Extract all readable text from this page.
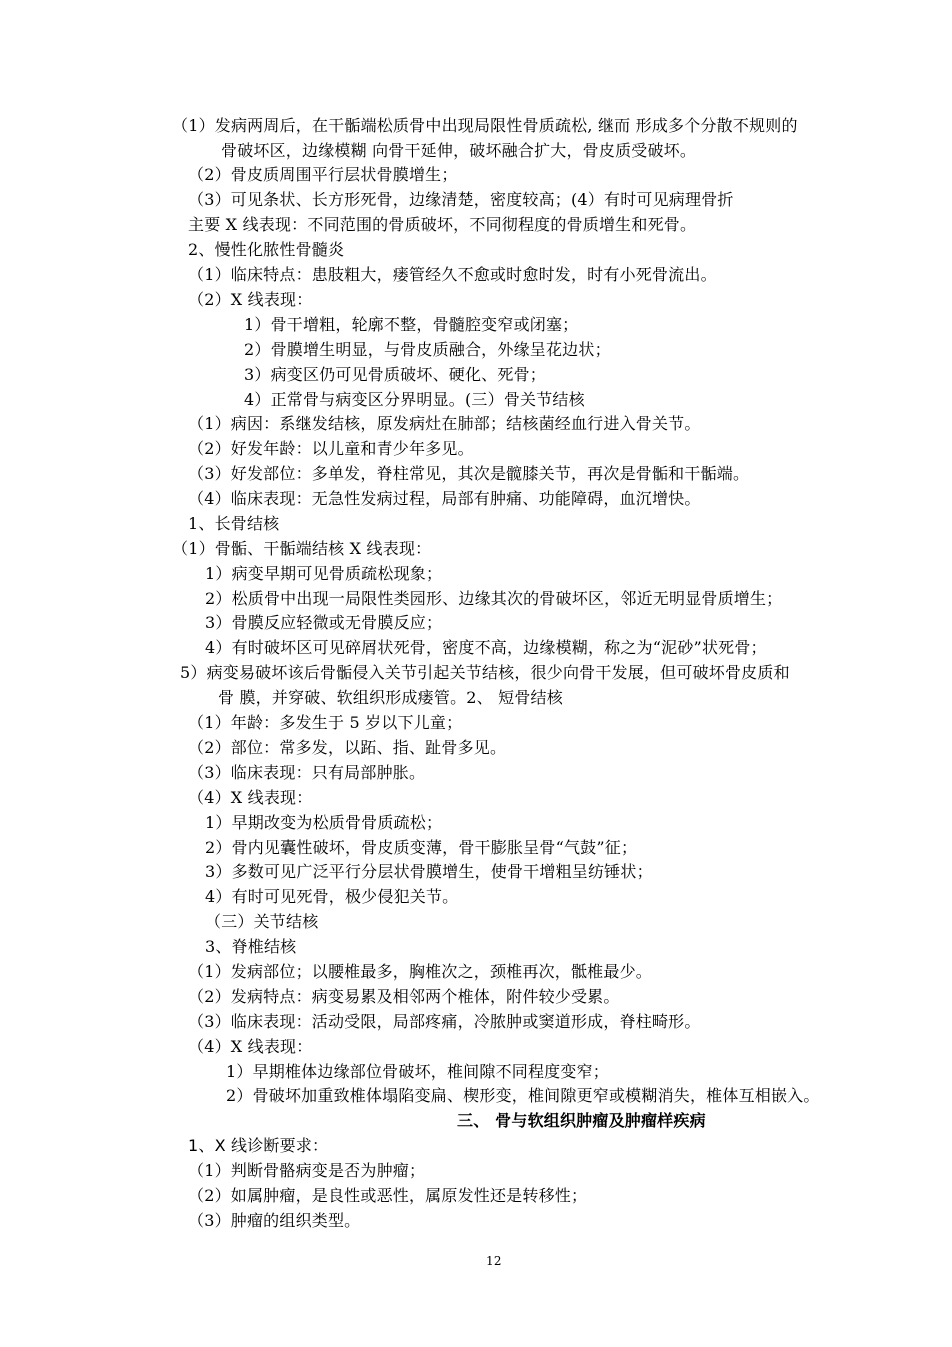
（1）发病两周后，在干骺端松质骨中出现局限性骨质疏松, 继而 形成多个分散不规则的
骨破坏区，边缘模糊 向骨干延伸，破坏融合扩大，骨皮质受破坏。
（2）骨皮质周围平行层状骨膜增生；
（3）可见条状、长方形死骨，边缘清楚，密度较高；(4）有时可见病理骨折
主要 X 线表现：不同范围的骨质破坏，不同彻程度的骨质增生和死骨。
2、慢性化脓性骨髓炎
（1）临床特点：患肢粗大，瘘管经久不愈或时愈时发，时有小死骨流出。
（2）X 线表现：
1）骨干增粗，轮廓不整，骨髓腔变窄或闭塞；
2）骨膜增生明显，与骨皮质融合，外缘呈花边状；
3）病变区仍可见骨质破坏、硬化、死骨；
4）正常骨与病变区分界明显。(三）骨关节结核
（1）病因：系继发结核，原发病灶在肺部；结核菌经血行进入骨关节。
（2）好发年龄：以儿童和青少年多见。
（3）好发部位：多单发，脊柱常见，其次是髋膝关节，再次是骨骺和干骺端。
（4）临床表现：无急性发病过程，局部有肿痛、功能障碍，血沉增快。
1、长骨结核
（1）骨骺、干骺端结核 X 线表现：
1）病变早期可见骨质疏松现象；
2）松质骨中出现一局限性类园形、边缘其次的骨破坏区，邻近无明显骨质增生；
3）骨膜反应轻微或无骨膜反应；
4）有时破坏区可见碎屑状死骨，密度不高，边缘模糊，称之为“泥砂”状死骨；
5）病变易破坏该后骨骺侵入关节引起关节结核，很少向骨干发展，但可破坏骨皮质和
骨 膜，并穿破、软组织形成瘘管。2、 短骨结核
（1）年龄：多发生于 5 岁以下儿童；
（2）部位：常多发，以跖、指、趾骨多见。
（3）临床表现：只有局部肿胀。
（4）X 线表现：
1）早期改变为松质骨骨质疏松；
2）骨内见囊性破坏，骨皮质变薄，骨干膨胀呈骨“气鼓”征；
3）多数可见广泛平行分层状骨膜增生，使骨干增粗呈纺锤状；
4）有时可见死骨，极少侵犯关节。
（三）关节结核
3、脊椎结核
（1）发病部位；以腰椎最多，胸椎次之，颈椎再次，骶椎最少。
（2）发病特点：病变易累及相邻两个椎体，附件较少受累。
（3）临床表现：活动受限，局部疼痛，冷脓肿或窦道形成，脊柱畸形。
（4）X 线表现：
1）早期椎体边缘部位骨破坏，椎间隙不同程度变窄；
2）骨破坏加重致椎体塌陷变扁、楔形变，椎间隙更窄或模糊消失，椎体互相嵌入。
三、 骨与软组织肿瘤及肿瘤样疾病
1、X 线诊断要求：
（1）判断骨骼病变是否为肿瘤；
（2）如属肿瘤，是良性或恶性，属原发性还是转移性；
（3）肿瘤的组织类型。
12
